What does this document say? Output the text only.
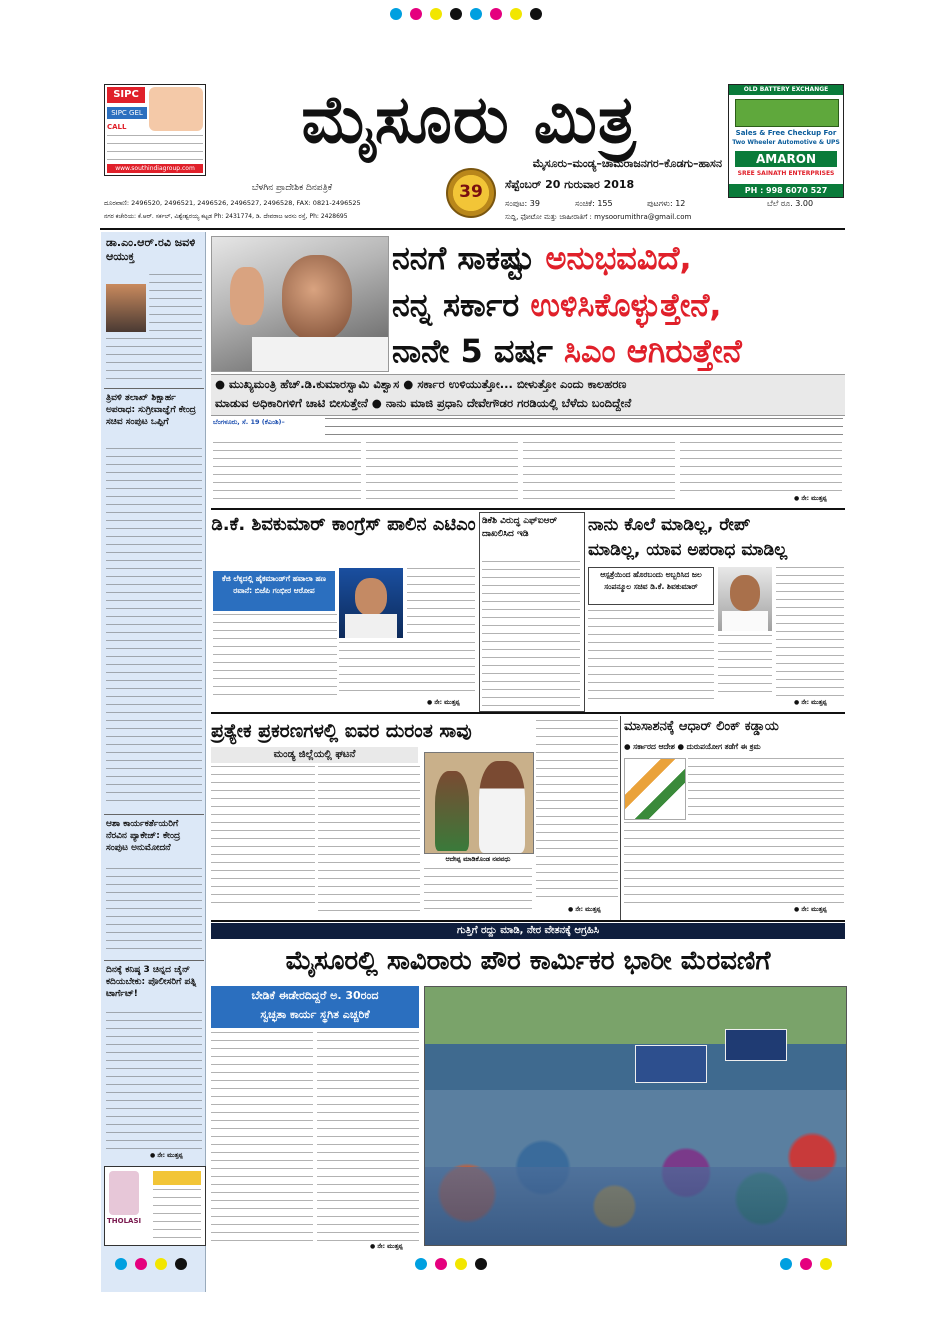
SIPC
SIPC GEL
CALL
www.southindiagroup.com
ಮೈಸೂರು ಮಿತ್ರ
ಮೈಸೂರು–ಮಂಡ್ಯ–ಚಾಮರಾಜನಗರ–ಕೊಡಗು–ಹಾಸನ
ಬೆಳಗಿನ ಪ್ರಾದೇಶಿಕ ದಿನಪತ್ರಿಕೆ	39	ಸೆಪ್ಟೆಂಬರ್ 20 ಗುರುವಾರ 2018
OLD BATTERY EXCHANGE
Sales & Free Checkup For
Two Wheeler Automotive & UPS
AMARON
SREE SAINATH ENTERPRISES
PH : 998 6070 527
ಸಂಪುಟ: 39	ಸಂಚಿಕೆ: 155	ಪುಟಗಳು: 12	ಬೆಲೆ ರೂ. 3.00
ಸುದ್ದಿ, ಫೋಟೋ ಮತ್ತು ಜಾಹೀರಾತಿಗೆ : mysoorumithra@gmail.com
ದೂರವಾಣಿ: 2496520, 2496521, 2496526, 2496527, 2496528, FAX: 0821-2496525
ನಗರ ಕಚೇರಿಯ: ಕೆ.ಆರ್. ಸರ್ಕಲ್, ವಿಶ್ವೇಶ್ವರಯ್ಯ ಕಟ್ಟಡ Ph: 2431774, ಡಿ. ದೇವರಾಜ ಅರಸು ರಸ್ತೆ, Ph: 2428695
ಡಾ.ಎಂ.ಆರ್.ರವಿ ಜವಳಿ ಆಯುಕ್ತ
ತ್ರಿವಳಿ ತಲಾಖ್ ಶಿಕ್ಷಾರ್ಹ ಅಪರಾಧ: ಸುಗ್ರೀವಾಜ್ಞೆಗೆ ಕೇಂದ್ರ ಸಚಿವ ಸಂಪುಟ ಒಪ್ಪಿಗೆ
ಆಶಾ ಕಾರ್ಯಕರ್ತೆಯರಿಗೆ ನೆರವಿನ ಪ್ಯಾಕೇಜ್: ಕೇಂದ್ರ ಸಂಪುಟ ಅನುಮೋದನೆ
ದಿನಕ್ಕೆ ಕನಿಷ್ಠ 3 ಚಿನ್ನದ ಚೈನ್ ಕದಿಯಬೇಕು: ಪೊಲೀಸರಿಗೆ ಪತ್ನಿ ಟಾರ್ಗೆಟ್!
● ನೇ: ಮುತ್ತಪ್ಪ
THOLASI
ನನಗೆ ಸಾಕಷ್ಟು ಅನುಭವವಿದೆ,
ನನ್ನ ಸರ್ಕಾರ ಉಳಿಸಿಕೊಳ್ಳುತ್ತೇನೆ,
ನಾನೇ 5 ವರ್ಷ ಸಿಎಂ ಆಗಿರುತ್ತೇನೆ
● ಮುಖ್ಯಮಂತ್ರಿ ಹೆಚ್.ಡಿ.ಕುಮಾರಸ್ವಾಮಿ ವಿಶ್ವಾಸ ● ಸರ್ಕಾರ ಉಳಿಯುತ್ತೋ... ಬೀಳುತ್ತೋ ಎಂದು ಕಾಲಹರಣ
ಮಾಡುವ ಅಧಿಕಾರಿಗಳಿಗೆ ಚಾಟಿ ಬೀಸುತ್ತೇನೆ ● ನಾನು ಮಾಜಿ ಪ್ರಧಾನಿ ದೇವೇಗೌಡರ ಗರಡಿಯಲ್ಲಿ ಬೆಳೆದು ಬಂದಿದ್ದೇನೆ
ಬೆಂಗಳೂರು, ಸೆ. 19 (ಕೆಎಂಶಿ)–
● ನೇ: ಮುತ್ತಪ್ಪ
ಡಿ.ಕೆ. ಶಿವಕುಮಾರ್ ಕಾಂಗ್ರೆಸ್ ಪಾಲಿನ ಎಟಿಎಂ
ಕೆಜಿ ಲೆಕ್ಕದಲ್ಲಿ ಹೈಕಮಾಂಡ್‌ಗೆ ಹವಾಲಾ ಹಣ ರವಾನೆ: ಬಿಜೆಪಿ ಗಂಭೀರ ಆರೋಪ
● ನೇ: ಮುತ್ತಪ್ಪ
ಡಿಕೆಶಿ ವಿರುದ್ಧ ಎಫ್‌ಐಆರ್ ದಾಖಲಿಸಿದ ಇಡಿ	ನಾನು ಕೊಲೆ ಮಾಡಿಲ್ಲ, ರೇಪ್
ಮಾಡಿಲ್ಲ, ಯಾವ ಅಪರಾಧ ಮಾಡಿಲ್ಲ
ಆಸ್ಪತ್ರೆಯಿಂದ ಹೊರಬಂದು ಅಬ್ಬರಿಸಿದ ಜಲ ಸಂಪನ್ಮೂಲ ಸಚಿವ ಡಿ.ಕೆ. ಶಿವಕುಮಾರ್
● ನೇ: ಮುತ್ತಪ್ಪ
ಪ್ರತ್ಯೇಕ ಪ್ರಕರಣಗಳಲ್ಲಿ ಐವರ ದುರಂತ ಸಾವು
ಮಂಡ್ಯ ಜಿಲ್ಲೆಯಲ್ಲಿ ಘಟನೆ
ಆದೇಪ್ಪ ಮಾಡಿಕೊಂಡ ನವವಧು
● ನೇ: ಮುತ್ತಪ್ಪ
ಮಾಸಾಶನಕ್ಕೆ ಆಧಾರ್ ಲಿಂಕ್ ಕಡ್ಡಾಯ
● ಸರ್ಕಾರದ ಆದೇಶ ● ದುರುಪಯೋಗ ತಡೆಗೆ ಈ ಕ್ರಮ
● ನೇ: ಮುತ್ತಪ್ಪ
ಗುತ್ತಿಗೆ ರದ್ದು ಮಾಡಿ, ನೇರ ವೇತನಕ್ಕೆ ಆಗ್ರಹಿಸಿ
ಮೈಸೂರಲ್ಲಿ ಸಾವಿರಾರು ಪೌರ ಕಾರ್ಮಿಕರ ಭಾರೀ ಮೆರವಣಿಗೆ
ಬೇಡಿಕೆ ಈಡೇರದಿದ್ದರೆ ಅ. 30ರಂದ
ಸ್ವಚ್ಛತಾ ಕಾರ್ಯ ಸ್ಥಗಿತ ಎಚ್ಚರಿಕೆ
● ನೇ: ಮುತ್ತಪ್ಪ
